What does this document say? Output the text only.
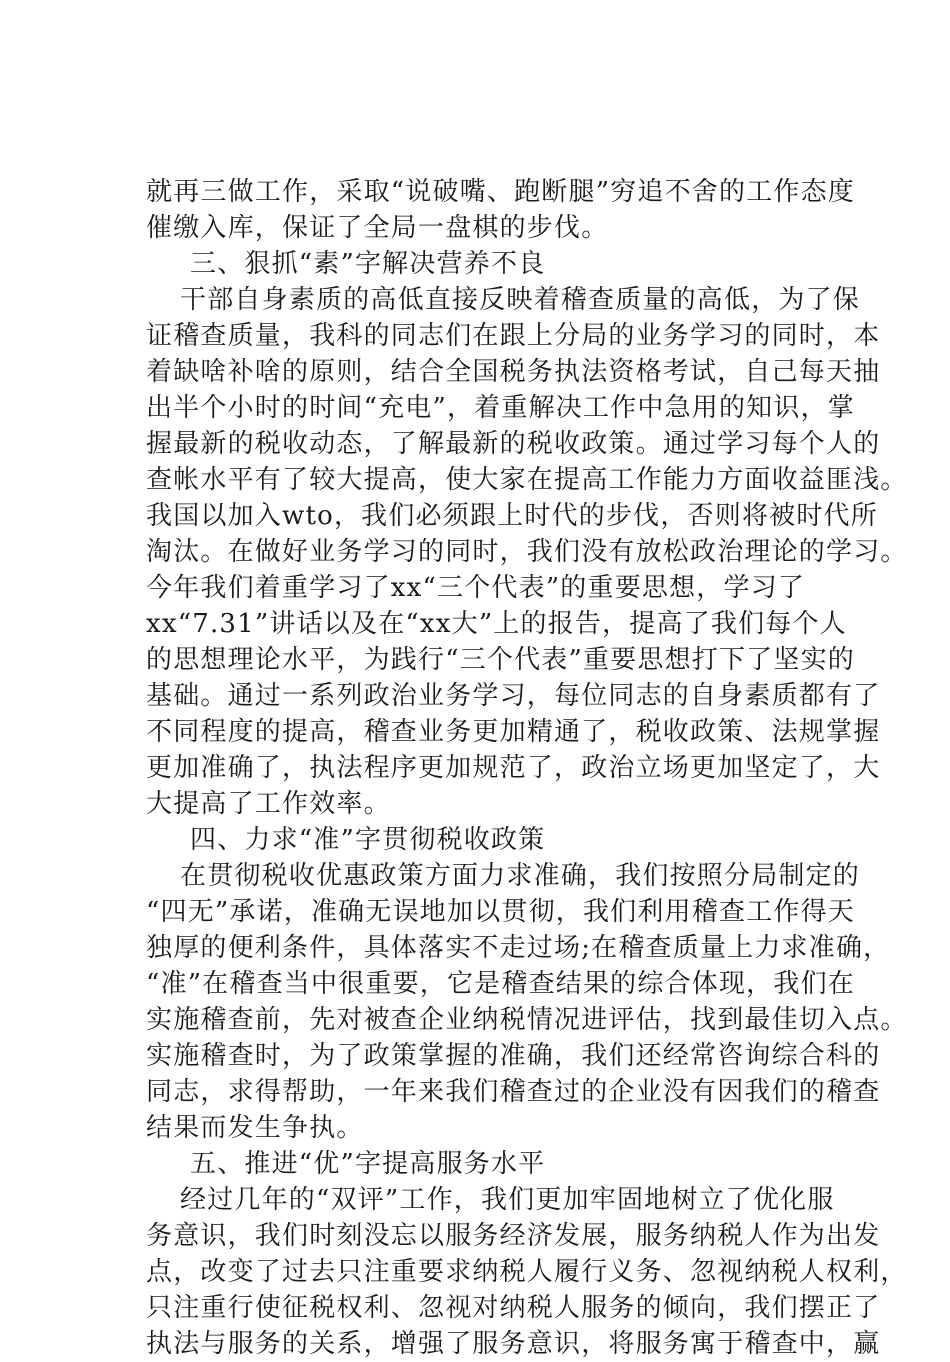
就再三做工作，采取“说破嘴、跑断腿”穷追不舍的工作态度
催缴入库，保证了全局一盘棋的步伐。
三、狠抓“素”字解决营养不良
干部自身素质的高低直接反映着稽查质量的高低，为了保
证稽查质量，我科的同志们在跟上分局的业务学习的同时，本
着缺啥补啥的原则，结合全国税务执法资格考试，自己每天抽
出半个小时的时间“充电”，着重解决工作中急用的知识，掌
握最新的税收动态，了解最新的税收政策。通过学习每个人的
查帐水平有了较大提高，使大家在提高工作能力方面收益匪浅。
我国以加入wto，我们必须跟上时代的步伐，否则将被时代所
淘汰。在做好业务学习的同时，我们没有放松政治理论的学习。
今年我们着重学习了xx“三个代表”的重要思想，学习了
xx“7.31”讲话以及在“xx大”上的报告，提高了我们每个人
的思想理论水平，为践行“三个代表”重要思想打下了坚实的
基础。通过一系列政治业务学习，每位同志的自身素质都有了
不同程度的提高，稽查业务更加精通了，税收政策、法规掌握
更加准确了，执法程序更加规范了，政治立场更加坚定了，大
大提高了工作效率。
四、力求“准”字贯彻税收政策
在贯彻税收优惠政策方面力求准确，我们按照分局制定的
“四无”承诺，准确无误地加以贯彻，我们利用稽查工作得天
独厚的便利条件，具体落实不走过场;在稽查质量上力求准确，
“准”在稽查当中很重要，它是稽查结果的综合体现，我们在
实施稽查前，先对被查企业纳税情况进评估，找到最佳切入点。
实施稽查时，为了政策掌握的准确，我们还经常咨询综合科的
同志，求得帮助，一年来我们稽查过的企业没有因我们的稽查
结果而发生争执。
五、推进“优”字提高服务水平
经过几年的“双评”工作，我们更加牢固地树立了优化服
务意识，我们时刻没忘以服务经济发展，服务纳税人作为出发
点，改变了过去只注重要求纳税人履行义务、忽视纳税人权利，
只注重行使征税权利、忽视对纳税人服务的倾向，我们摆正了
执法与服务的关系，增强了服务意识，将服务寓于稽查中，赢
